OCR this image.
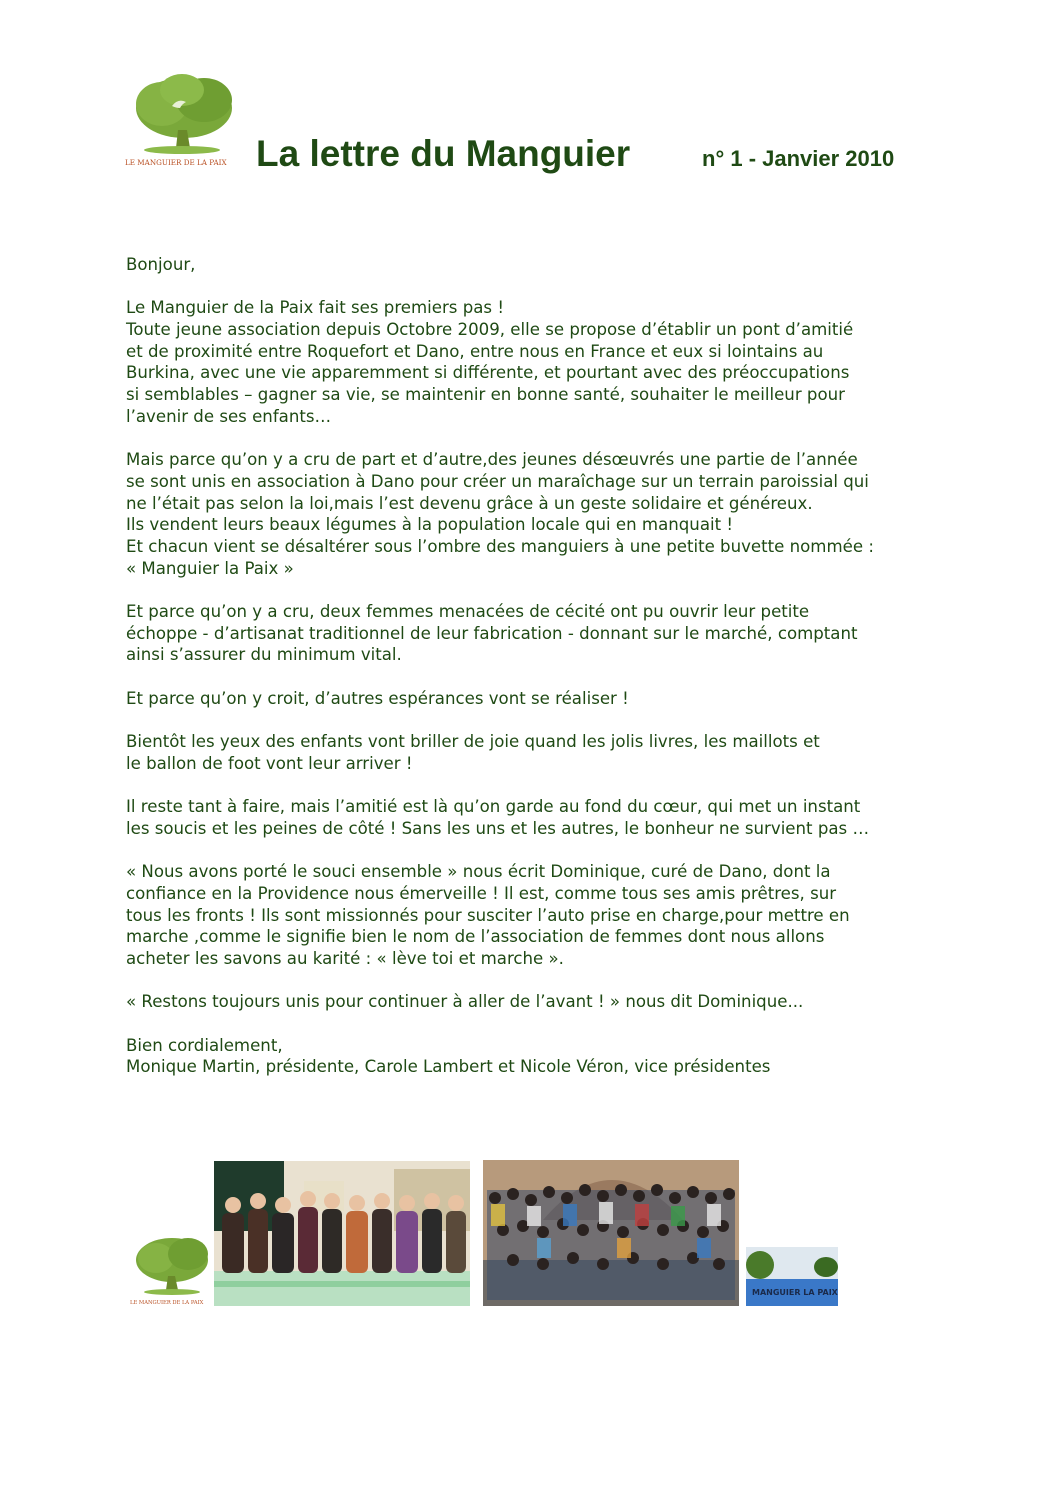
LE MANGUIER DE LA PAIX La lettre du Manguier	n° 1 - Janvier 2010
Bonjour,
Le Manguier de la Paix fait ses premiers pas !
Toute jeune association depuis Octobre 2009, elle se propose d’établir un pont d’amitié
et de proximité entre Roquefort et Dano, entre nous en France et eux si lointains au
Burkina, avec une vie apparemment si différente, et pourtant avec des préoccupations
si semblables – gagner sa vie, se maintenir en bonne santé, souhaiter le meilleur pour
l’avenir de ses enfants…
Mais parce qu’on y a cru de part et d’autre,des jeunes désœuvrés une partie de l’année
se sont unis en association à Dano pour créer un maraîchage sur un terrain paroissial qui
ne l’était pas selon la loi,mais l’est devenu grâce à un geste solidaire et généreux.
Ils vendent leurs beaux légumes à la population locale qui en manquait !
Et chacun vient se désaltérer sous l’ombre des manguiers à une petite buvette nommée :
« Manguier la Paix »
Et parce qu’on y a cru, deux femmes menacées de cécité ont pu ouvrir leur petite
échoppe - d’artisanat traditionnel de leur fabrication - donnant sur le marché, comptant
ainsi s’assurer du minimum vital.
Et parce qu’on y croit, d’autres espérances vont se réaliser !
Bientôt les yeux des enfants vont briller de joie quand les jolis livres, les maillots et
le ballon de foot vont leur arriver !
Il reste tant à faire, mais l’amitié est là qu’on garde au fond du cœur, qui met un instant
les soucis et les peines de côté ! Sans les uns et les autres, le bonheur ne survient pas …
« Nous avons porté le souci ensemble » nous écrit Dominique, curé de Dano, dont la
confiance en la Providence nous émerveille ! Il est, comme tous ses amis prêtres, sur
tous les fronts ! Ils sont missionnés pour susciter l’auto prise en charge,pour mettre en
marche ,comme le signifie bien le nom de l’association de femmes dont nous allons
acheter les savons au karité : « lève toi et marche ».
« Restons toujours unis pour continuer à aller de l’avant ! » nous dit Dominique...
Bien cordialement,
Monique Martin, présidente, Carole Lambert et Nicole Véron, vice présidentes
LE MANGUIER DE LA PAIX
MANGUIER LA PAIX
